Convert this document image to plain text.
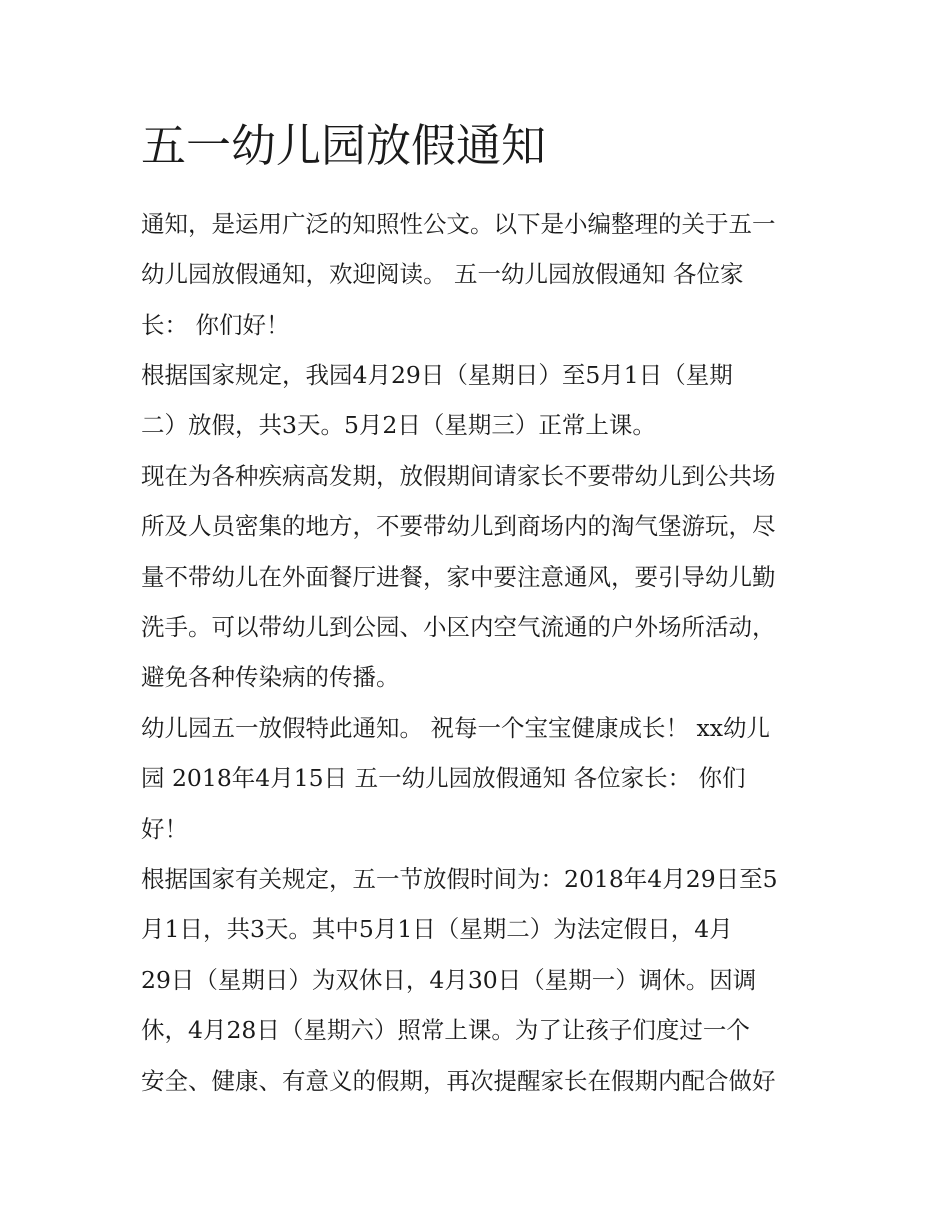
五一幼儿园放假通知

通知，是运用广泛的知照性公文。以下是小编整理的关于五一

幼儿园放假通知，欢迎阅读。 五一幼儿园放假通知 各位家

长： 你们好！

根据国家规定，我园4月29日（星期日）至5月1日（星期

二）放假，共3天。5月2日（星期三）正常上课。

现在为各种疾病高发期，放假期间请家长不要带幼儿到公共场

所及人员密集的地方，不要带幼儿到商场内的淘气堡游玩，尽

量不带幼儿在外面餐厅进餐，家中要注意通风，要引导幼儿勤

洗手。可以带幼儿到公园、小区内空气流通的户外场所活动，

避免各种传染病的传播。

幼儿园五一放假特此通知。 祝每一个宝宝健康成长！ xx幼儿

园 2018年4月15日 五一幼儿园放假通知 各位家长： 你们

好！

根据国家有关规定，五一节放假时间为：2018年4月29日至5

月1日，共3天。其中5月1日（星期二）为法定假日，4月

29日（星期日）为双休日，4月30日（星期一）调休。因调

休，4月28日（星期六）照常上课。为了让孩子们度过一个

安全、健康、有意义的假期，再次提醒家长在假期内配合做好
